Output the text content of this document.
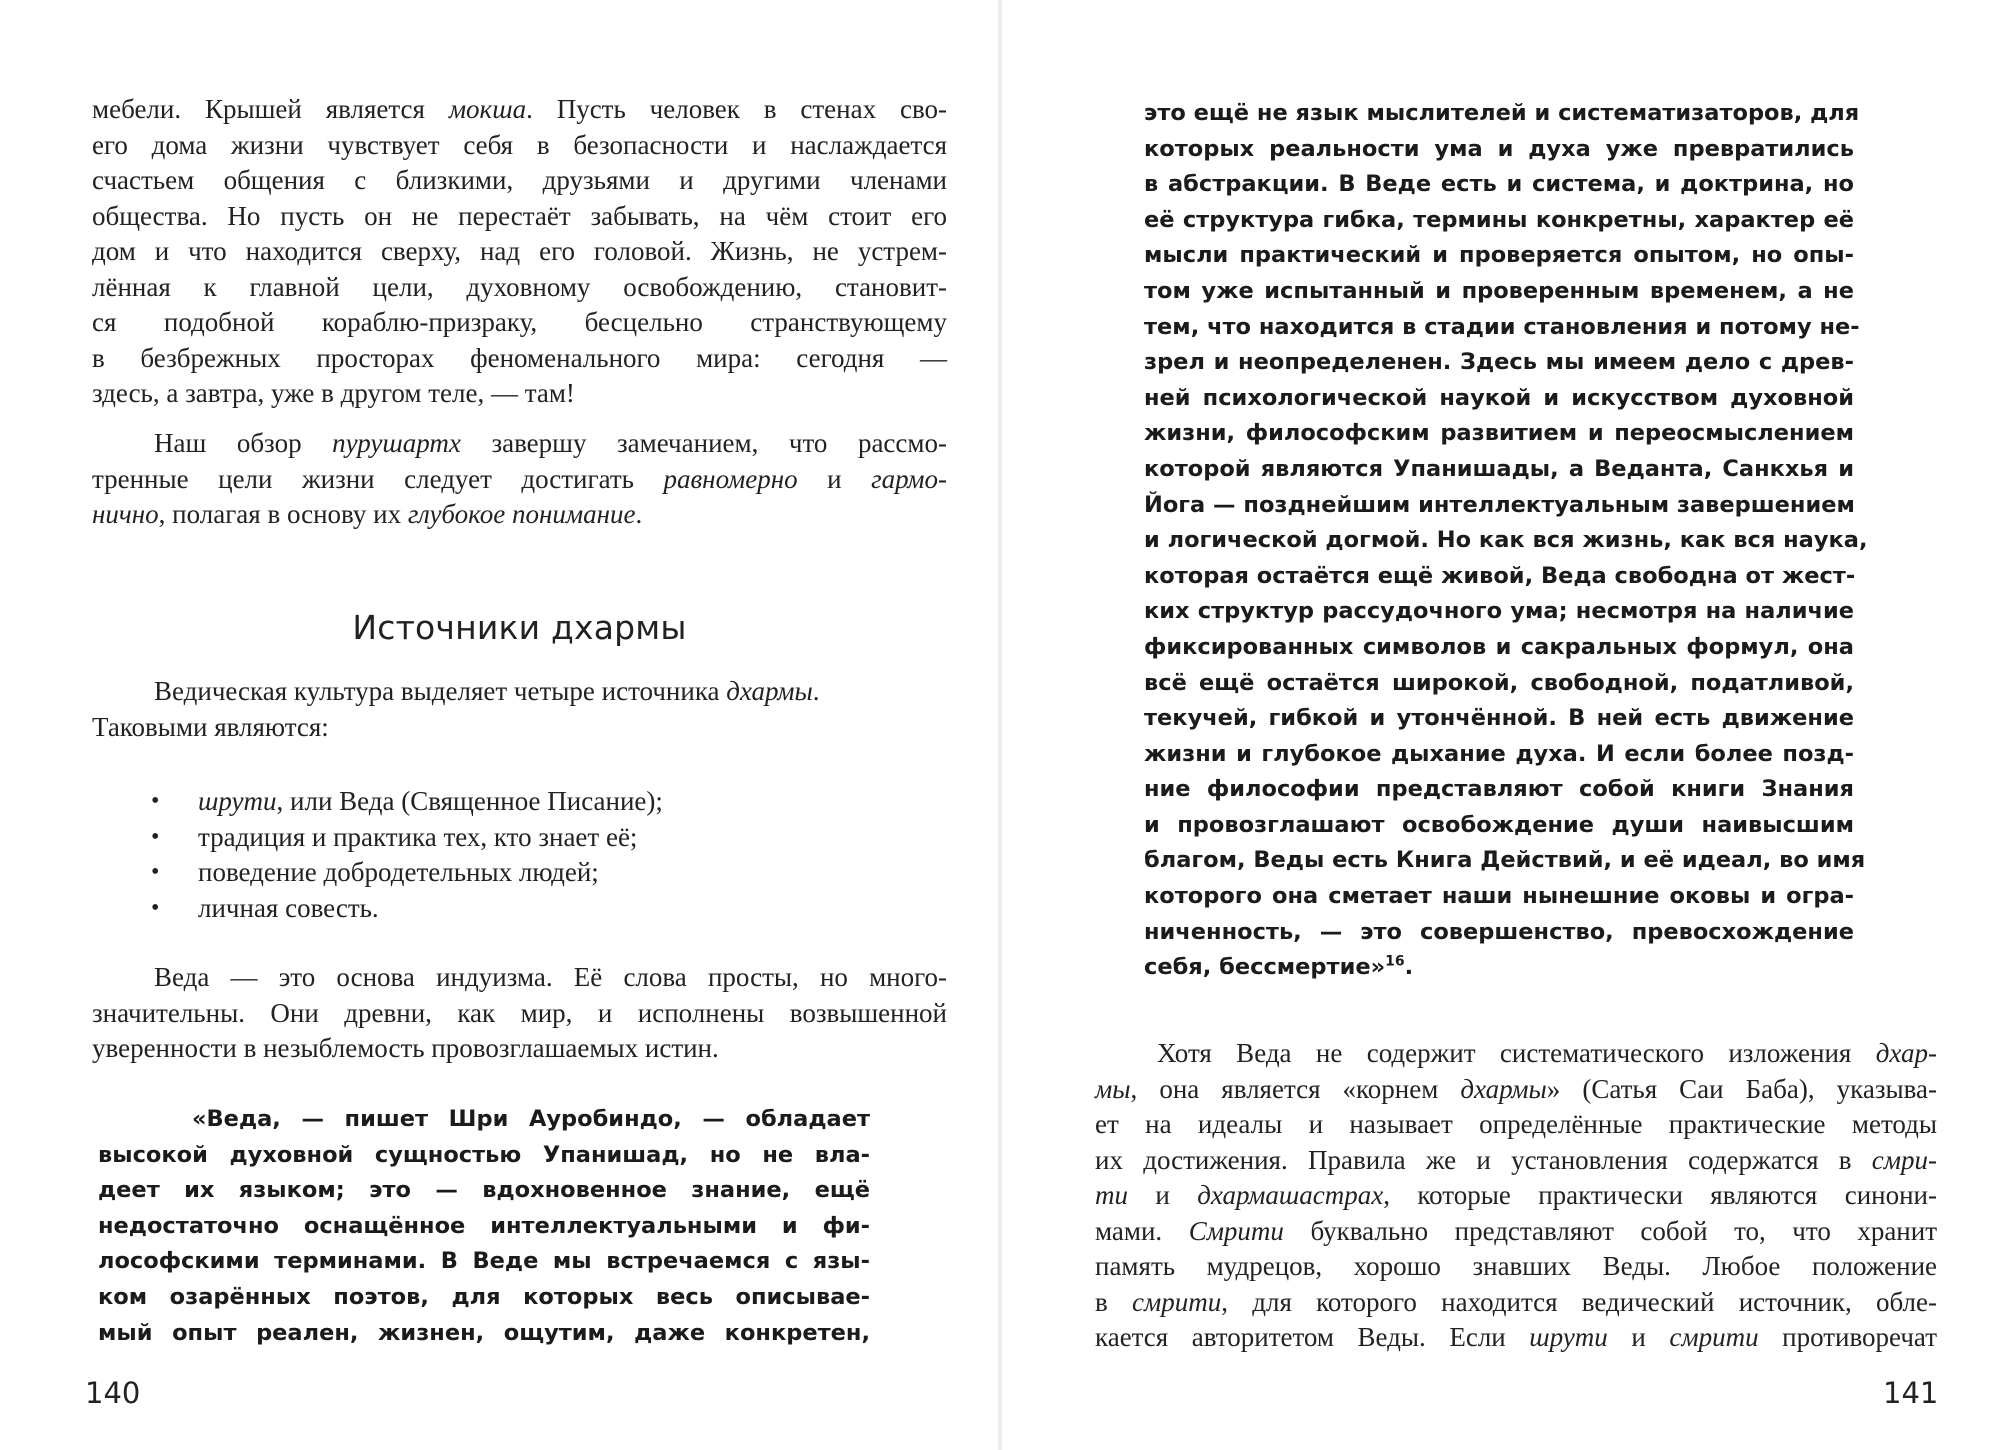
мебели. Крышей является мокша. Пусть человек в стенах сво-
его дома жизни чувствует себя в безопасности и наслаждается
счастьем общения с близкими, друзьями и другими членами
общества. Но пусть он не перестаёт забывать, на чём стоит его
дом и что находится сверху, над его головой. Жизнь, не устрем-
лённая к главной цели, духовному освобождению, становит-
ся подобной кораблю-призраку, бесцельно странствующему
в безбрежных просторах феноменального мира: сегодня —
здесь, а завтра, уже в другом теле, — там!
Наш обзор пурушартх завершу замечанием, что рассмо-
тренные цели жизни следует достигать равномерно и гармо-
нично, полагая в основу их глубокое понимание.
Источники дхармы
Ведическая культура выделяет четыре источника дхармы.
Таковыми являются:
•	шрути, или Веда (Священное Писание);
•	традиция и практика тех, кто знает её;
•	поведение добродетельных людей;
•	личная совесть.
Веда — это основа индуизма. Её слова просты, но много-
значительны. Они древни, как мир, и исполнены возвышенной
уверенности в незыблемость провозглашаемых истин.
«Веда, — пишет Шри Ауробиндо, — обладает
высокой духовной сущностью Упанишад, но не вла-
деет их языком; это — вдохновенное знание, ещё
недостаточно оснащённое интеллектуальными и фи-
лософскими терминами. В Веде мы встречаемся с язы-
ком озарённых поэтов, для которых весь описывае-
мый опыт реален, жизнен, ощутим, даже конкретен,
140
это ещё не язык мыслителей и систематизаторов, для
которых реальности ума и духа уже превратились
в абстракции. В Веде есть и система, и доктрина, но
её структура гибка, термины конкретны, характер её
мысли практический и проверяется опытом, но опы-
том уже испытанный и проверенным временем, а не
тем, что находится в стадии становления и потому не-
зрел и неопределенен. Здесь мы имеем дело с древ-
ней психологической наукой и искусством духовной
жизни, философским развитием и переосмыслением
которой являются Упанишады, а Веданта, Санкхья и
Йога — позднейшим интеллектуальным завершением
и логической догмой. Но как вся жизнь, как вся наука,
которая остаётся ещё живой, Веда свободна от жест-
ких структур рассудочного ума; несмотря на наличие
фиксированных символов и сакральных формул, она
всё ещё остаётся широкой, свободной, податливой,
текучей, гибкой и утончённой. В ней есть движение
жизни и глубокое дыхание духа. И если более позд-
ние философии представляют собой книги Знания
и провозглашают освобождение души наивысшим
благом, Веды есть Книга Действий, и её идеал, во имя
которого она сметает наши нынешние оковы и огра-
ниченность, — это совершенство, превосхождение
себя, бессмертие»$^{16}$.
Хотя Веда не содержит систематического изложения дхар-
мы, она является «корнем дхармы» (Сатья Саи Баба), указыва-
ет на идеалы и называет определённые практические методы
их достижения. Правила же и установления содержатся в смри-
ти и дхармашастрах, которые практически являются синони-
мами. Смрити буквально представляют собой то, что хранит
память мудрецов, хорошо знавших Веды. Любое положение
в смрити, для которого находится ведический источник, обле-
кается авторитетом Веды. Если шрути и смрити противоречат
141
